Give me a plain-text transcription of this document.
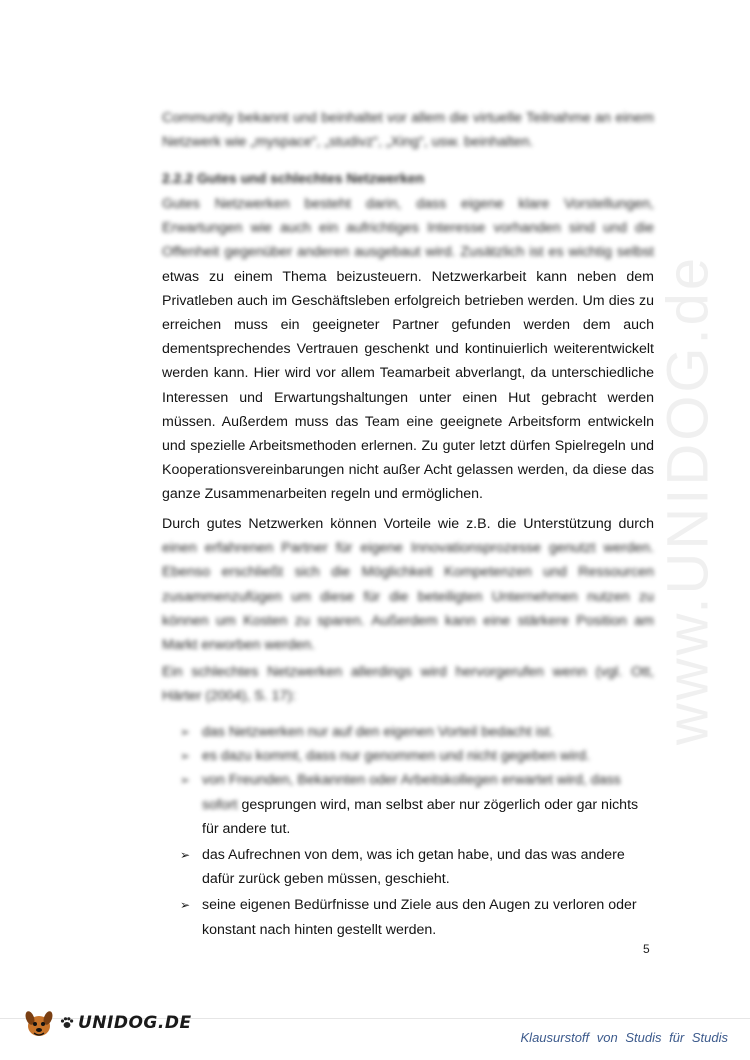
www.UNIDOG.de

Community bekannt und beinhaltet vor allem die virtuelle Teilnahme an einem Netzwerk wie „myspace“, „studivz“, „Xing“, usw. beinhalten.

2.2.2 Gutes und schlechtes Netzwerken
Gutes Netzwerken besteht darin, dass eigene klare Vorstellungen, Erwartungen wie auch ein aufrichtiges Interesse vorhanden sind und die Offenheit gegenüber anderen ausgebaut wird. Zusätzlich ist es wichtig selbst etwas zu einem Thema beizusteuern. Netzwerkarbeit kann neben dem Privatleben auch im Geschäftsleben erfolgreich betrieben werden. Um dies zu erreichen muss ein geeigneter Partner gefunden werden dem auch dementsprechendes Vertrauen geschenkt und kontinuierlich weiterentwickelt werden kann. Hier wird vor allem Teamarbeit abverlangt, da unterschiedliche Interessen und Erwartungshaltungen unter einen Hut gebracht werden müssen. Außerdem muss das Team eine geeignete Arbeitsform entwickeln und spezielle Arbeitsmethoden erlernen. Zu guter letzt dürfen Spielregeln und Kooperationsvereinbarungen nicht außer Acht gelassen werden, da diese das ganze Zusammenarbeiten regeln und ermöglichen.
Durch gutes Netzwerken können Vorteile wie z.B. die Unterstützung durch einen erfahrenen Partner für eigene Innovationsprozesse genutzt werden. Ebenso erschließt sich die Möglichkeit Kompetenzen und Ressourcen zusammenzufügen um diese für die beteiligten Unternehmen nutzen zu können um Kosten zu sparen. Außerdem kann eine stärkere Position am Markt erworben werden.

Ein schlechtes Netzwerken allerdings wird hervorgerufen wenn (vgl. Ott, Härter (2004), S. 17):

➢ das Netzwerken nur auf den eigenen Vorteil bedacht ist.
➢ es dazu kommt, dass nur genommen und nicht gegeben wird.
➢ von Freunden, Bekannten oder Arbeitskollegen erwartet wird, dass sofort gesprungen wird, man selbst aber nur zögerlich oder gar nichts für andere tut.
➢ das Aufrechnen von dem, was ich getan habe, und das was andere dafür zurück geben müssen, geschieht.
➢ seine eigenen Bedürfnisse und Ziele aus den Augen zu verloren oder konstant nach hinten gestellt werden.
5
UNIDOG.DE
Klausurstoff von Studis für Studis
